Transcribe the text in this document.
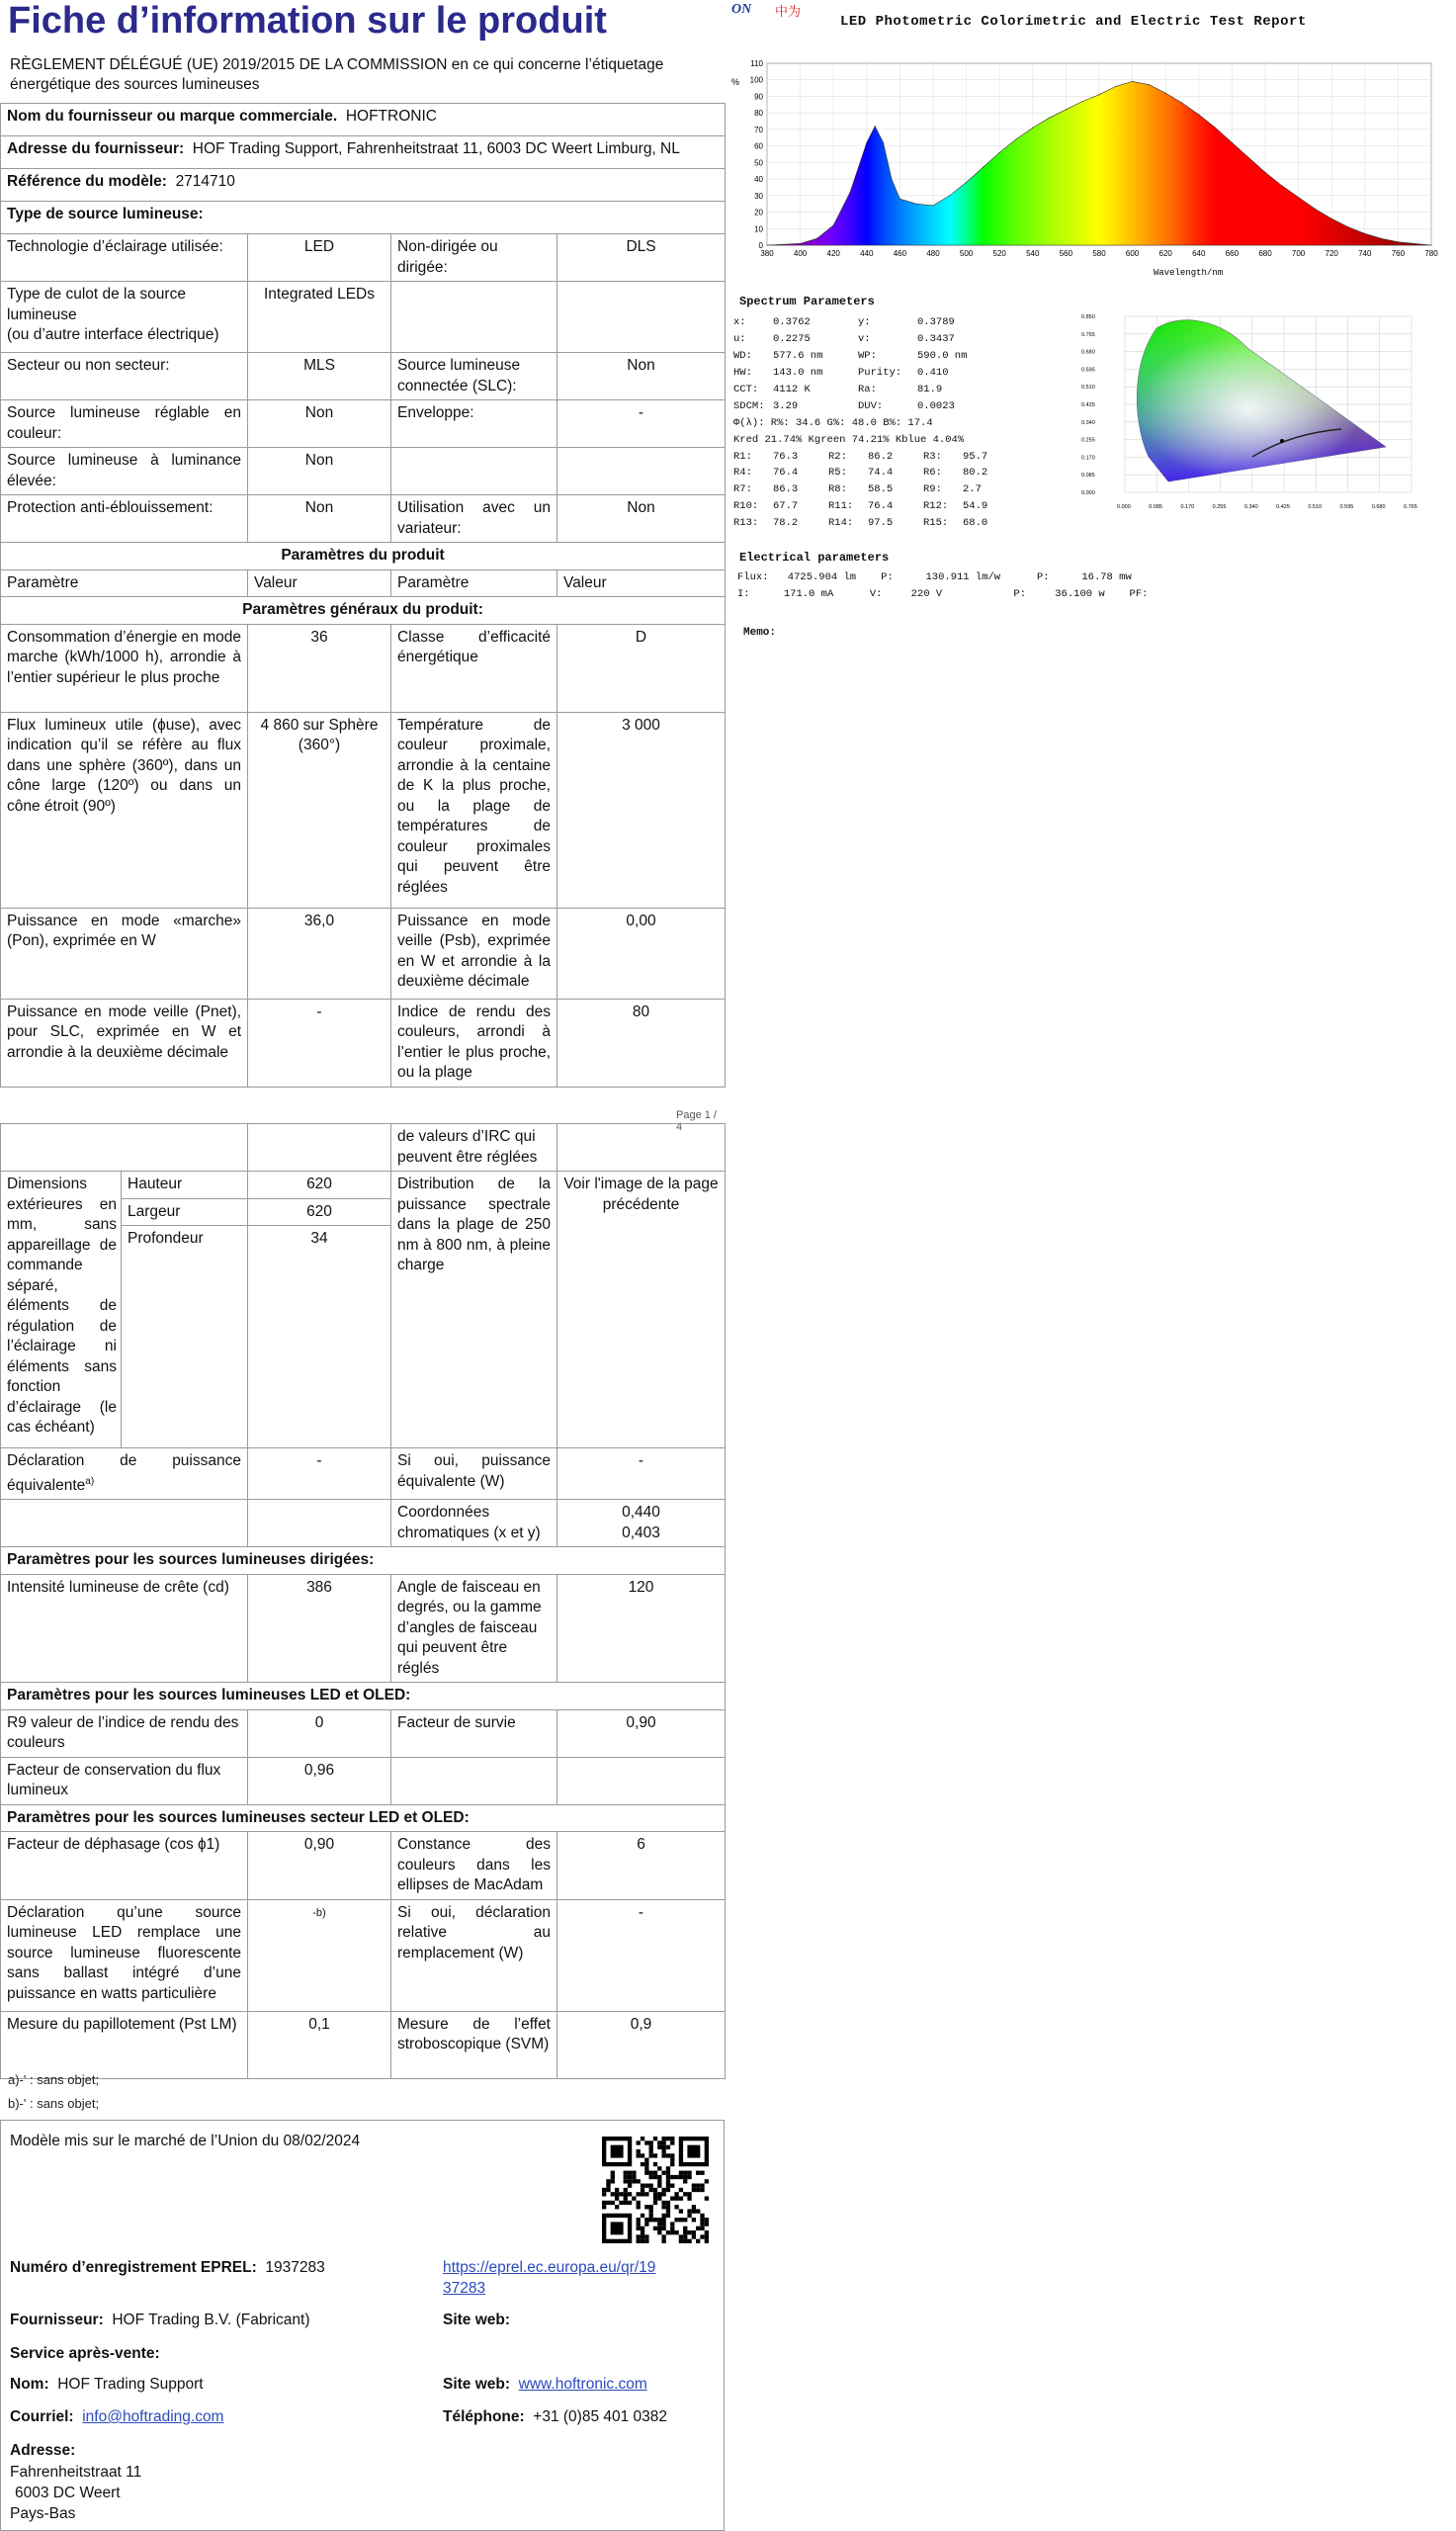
Fiche d’information sur le produit
RÈGLEMENT DÉLÉGUÉ (UE) 2019/2015 DE LA COMMISSION en ce qui concerne l’étiquetage énergétique des sources lumineuses
Nom du fournisseur ou marque commerciale. HOFTRONIC			
Adresse du fournisseur: HOF Trading Support, Fahrenheitstraat 11, 6003 DC Weert Limburg, NL			
Référence du modèle: 2714710			
Type de source lumineuse:			
Technologie d’éclairage utilisée:	LED	Non-dirigée ou dirigée:	DLS
Type de culot de la source lumineuse
(ou d’autre interface électrique)	Integrated LEDs		
Secteur ou non secteur:	MLS	Source lumineuse connectée (SLC):	Non
Source lumineuse réglable en couleur:	Non	Enveloppe:	-
Source lumineuse à luminance élevée:	Non		
Protection anti-éblouissement:	Non	Utilisation avec un variateur:	Non
Paramètres du produit			
Paramètre	Valeur	Paramètre	Valeur
Paramètres généraux du produit:			
Consommation d’énergie en mode marche (kWh/1000 h), arrondie à l’entier supérieur le plus proche	36	Classe d’efficacité énergétique	D
Flux lumineux utile (ɸuse), avec indication qu’il se réfère au flux dans une sphère (360º), dans un cône large (120º) ou dans un cône étroit (90º)	4 860 sur Sphère (360°)	Température de couleur proximale, arrondie à la centaine de K la plus proche, ou la plage de températures de couleur proximales qui peuvent être réglées	3 000
Puissance en mode «marche» (Pon), exprimée en W	36,0	Puissance en mode veille (Psb), exprimée en W et arrondie à la deuxième décimale	0,00
Puissance en mode veille (Pnet), pour SLC, exprimée en W et arrondie à la deuxième décimale	-	Indice de rendu des couleurs, arrondi à l’entier le plus proche, ou la plage	80
Page 1 / 4
			de valeurs d’IRC qui peuvent être réglées	
Dimensions extérieures en mm, sans appareillage de commande séparé, éléments de régulation de l’éclairage ni éléments sans fonction d’éclairage (le cas échéant)	Hauteur	620	Distribution de la puissance spectrale dans la plage de 250 nm à 800 nm, à pleine charge	Voir l'image de la page précédente
	Largeur	620		
	Profondeur	34		
Déclaration de puissance équivalente$^{a)}$		-	Si oui, puissance équivalente (W)	-
			Coordonnées chromatiques (x et y)	0,440
0,403

Paramètres pour les sources lumineuses dirigées:				
Intensité lumineuse de crête (cd)		386	Angle de faisceau en degrés, ou la gamme d’angles de faisceau qui peuvent être réglés	120
Paramètres pour les sources lumineuses LED et OLED:				
R9 valeur de l’indice de rendu des couleurs		0	Facteur de survie	0,90
Facteur de conservation du flux lumineux		0,96		
Paramètres pour les sources lumineuses secteur LED et OLED:				
Facteur de déphasage (cos ɸ1)		0,90	Constance des couleurs dans les ellipses de MacAdam	6
Déclaration qu’une source lumineuse LED remplace une source lumineuse fluorescente sans ballast intégré d’une puissance en watts particulière		-b)	Si oui, déclaration relative au remplacement (W)	-
Mesure du papillotement (Pst LM)		0,1	Mesure de l’effet stroboscopique (SVM)	0,9
a)-' : sans objet;
b)-' : sans objet;
Modèle mis sur le marché de l’Union du 08/02/2024
Numéro d’enregistrement EPREL: 1937283	https://eprel.ec.europa.eu/qr/19
37283
Fournisseur: HOF Trading B.V. (Fabricant)	Site web:
Service après-vente:
Nom: HOF Trading Support	Site web: www.hoftronic.com
Courriel: info@hoftrading.com	Téléphone: +31 (0)85 401 0382
Adresse:
Fahrenheitstraat 11
6003 DC Weert
Pays-Bas
ON 中为
LED Photometric Colorimetric and Electric Test Report
0
10
20
30
40
50
60
70
80
90
100
110
380	400	420	440	460	480	500	520	540	560	580	600	620	640	660	680	700	720	740	760	780
%
Wavelength/nm
Spectrum Parameters
x:	0.3762	y:	0.3789
u:	0.2275	v:	0.3437
WD:	577.6 nm	WP:	590.0 nm
HW:	143.0 nm	Purity:	0.410
CCT:	4112 K	Ra:	81.9
SDCM: 3.29	DUV:	0.0023
Φ(λ): R%: 34.6 G%: 48.0 B%: 17.4
Kred 21.74% Kgreen 74.21% Kblue 4.04%
R1:	76.3	R2:	86.2	R3:	95.7
R4:	76.4	R5:	74.4	R6:	80.2
R7:	86.3	R8:	58.5	R9:	2.7
R10:	67.7	R11:	76.4	R12:	54.9
R13:	78.2	R14:	97.5	R15:	68.0
0.850
0.765
0.680
0.595
0.510
0.425
0.340
0.255
0.170
0.085
0.000
0.000	0.085	0.170	0.255	0.340	0.425	0.510	0.595	0.680	0.765
Electrical parameters
Flux:	4725.904 lm	P:	130.911 lm/w	P:	16.78 mw
I:	171.0 mA	V:	220 V	P:	36.100 w	PF:
Memo:
